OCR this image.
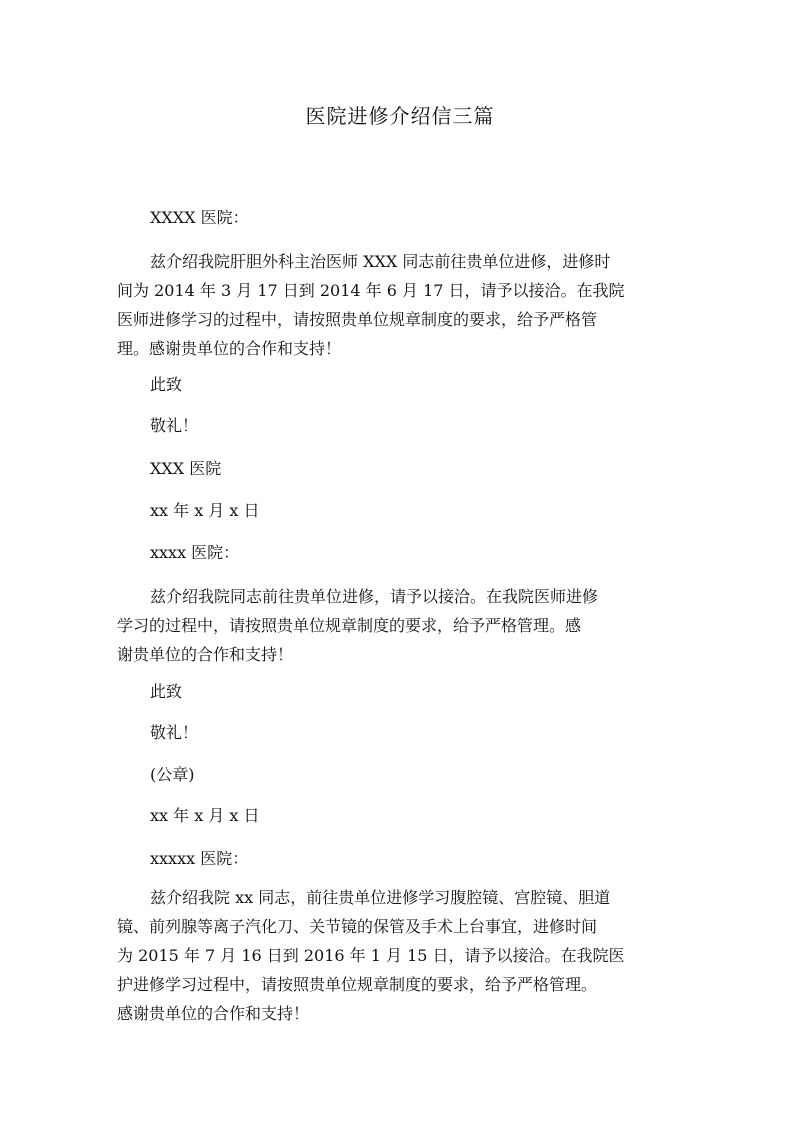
医院进修介绍信三篇
XXXX 医院：
兹介绍我院肝胆外科主治医师 XXX 同志前往贵单位进修，进修时
间为 2014 年 3 月 17 日到 2014 年 6 月 17 日，请予以接洽。在我院
医师进修学习的过程中，请按照贵单位规章制度的要求，给予严格管
理。感谢贵单位的合作和支持！
此致
敬礼！
XXX 医院
xx 年 x 月 x 日
xxxx 医院：
兹介绍我院同志前往贵单位进修，请予以接洽。在我院医师进修
学习的过程中，请按照贵单位规章制度的要求，给予严格管理。感
谢贵单位的合作和支持！
此致
敬礼！
(公章)
xx 年 x 月 x 日
xxxxx 医院：
兹介绍我院 xx 同志，前往贵单位进修学习腹腔镜、宫腔镜、胆道
镜、前列腺等离子汽化刀、关节镜的保管及手术上台事宜，进修时间
为 2015 年 7 月 16 日到 2016 年 1 月 15 日，请予以接洽。在我院医
护进修学习过程中，请按照贵单位规章制度的要求，给予严格管理。
感谢贵单位的合作和支持！
